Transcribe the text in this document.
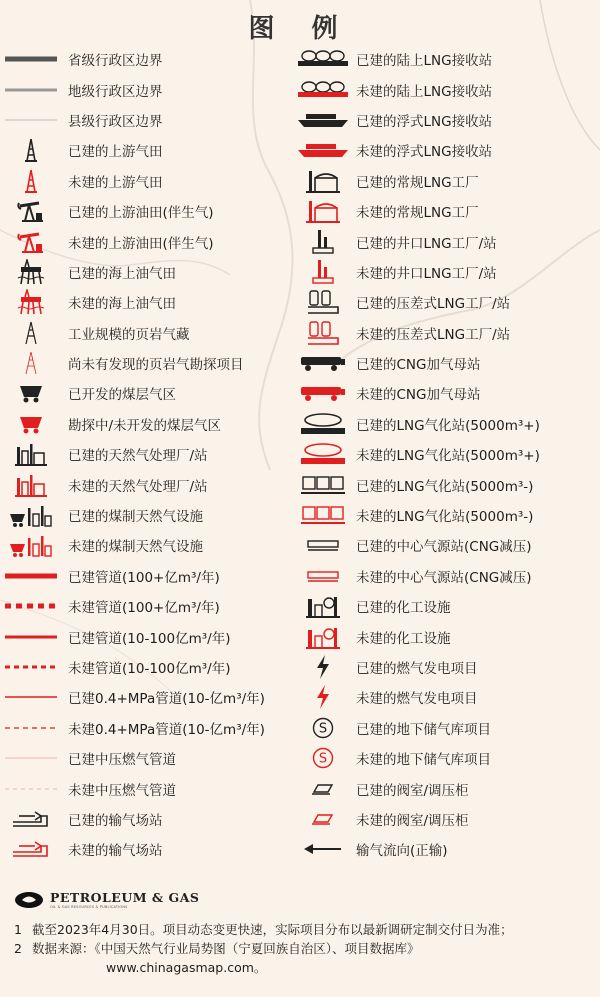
图 例
省级行政区边界
地级行政区边界
县级行政区边界
已建的上游气田
未建的上游气田
已建的上游油田(伴生气)
未建的上游油田(伴生气)
已建的海上油气田
未建的海上油气田
工业规模的页岩气藏
尚未有发现的页岩气勘探项目
已开发的煤层气区
勘探中/未开发的煤层气区
已建的天然气处理厂/站
未建的天然气处理厂/站
已建的煤制天然气设施
未建的煤制天然气设施
已建管道(100+亿m³/年)
未建管道(100+亿m³/年)
已建管道(10-100亿m³/年)
未建管道(10-100亿m³/年)
已建0.4+MPa管道(10-亿m³/年)
未建0.4+MPa管道(10-亿m³/年)
已建中压燃气管道
未建中压燃气管道
已建的输气场站
未建的输气场站
已建的陆上LNG接收站
未建的陆上LNG接收站
已建的浮式LNG接收站
未建的浮式LNG接收站
已建的常规LNG工厂
未建的常规LNG工厂
已建的井口LNG工厂/站
未建的井口LNG工厂/站
已建的压差式LNG工厂/站
未建的压差式LNG工厂/站
已建的CNG加气母站
未建的CNG加气母站
已建的LNG气化站(5000m³+)
未建的LNG气化站(5000m³+)
已建的LNG气化站(5000m³-)
未建的LNG气化站(5000m³-)
已建的中心气源站(CNG减压)
未建的中心气源站(CNG减压)
已建的化工设施
未建的化工设施
已建的燃气发电项目
未建的燃气发电项目
S 已建的地下储气库项目
S 未建的地下储气库项目
已建的阀室/调压柜
未建的阀室/调压柜
输气流向(正输)
PETROLEUM & GAS
OIL & GAS RESOURCES & PUBLICATIONS
1 截至2023年4月30日。项目动态变更快速，实际项目分布以最新调研定制交付日为准；
2 数据来源：《中国天然气行业局势图（宁夏回族自治区）、项目数据库》
www.chinagasmap.com。
